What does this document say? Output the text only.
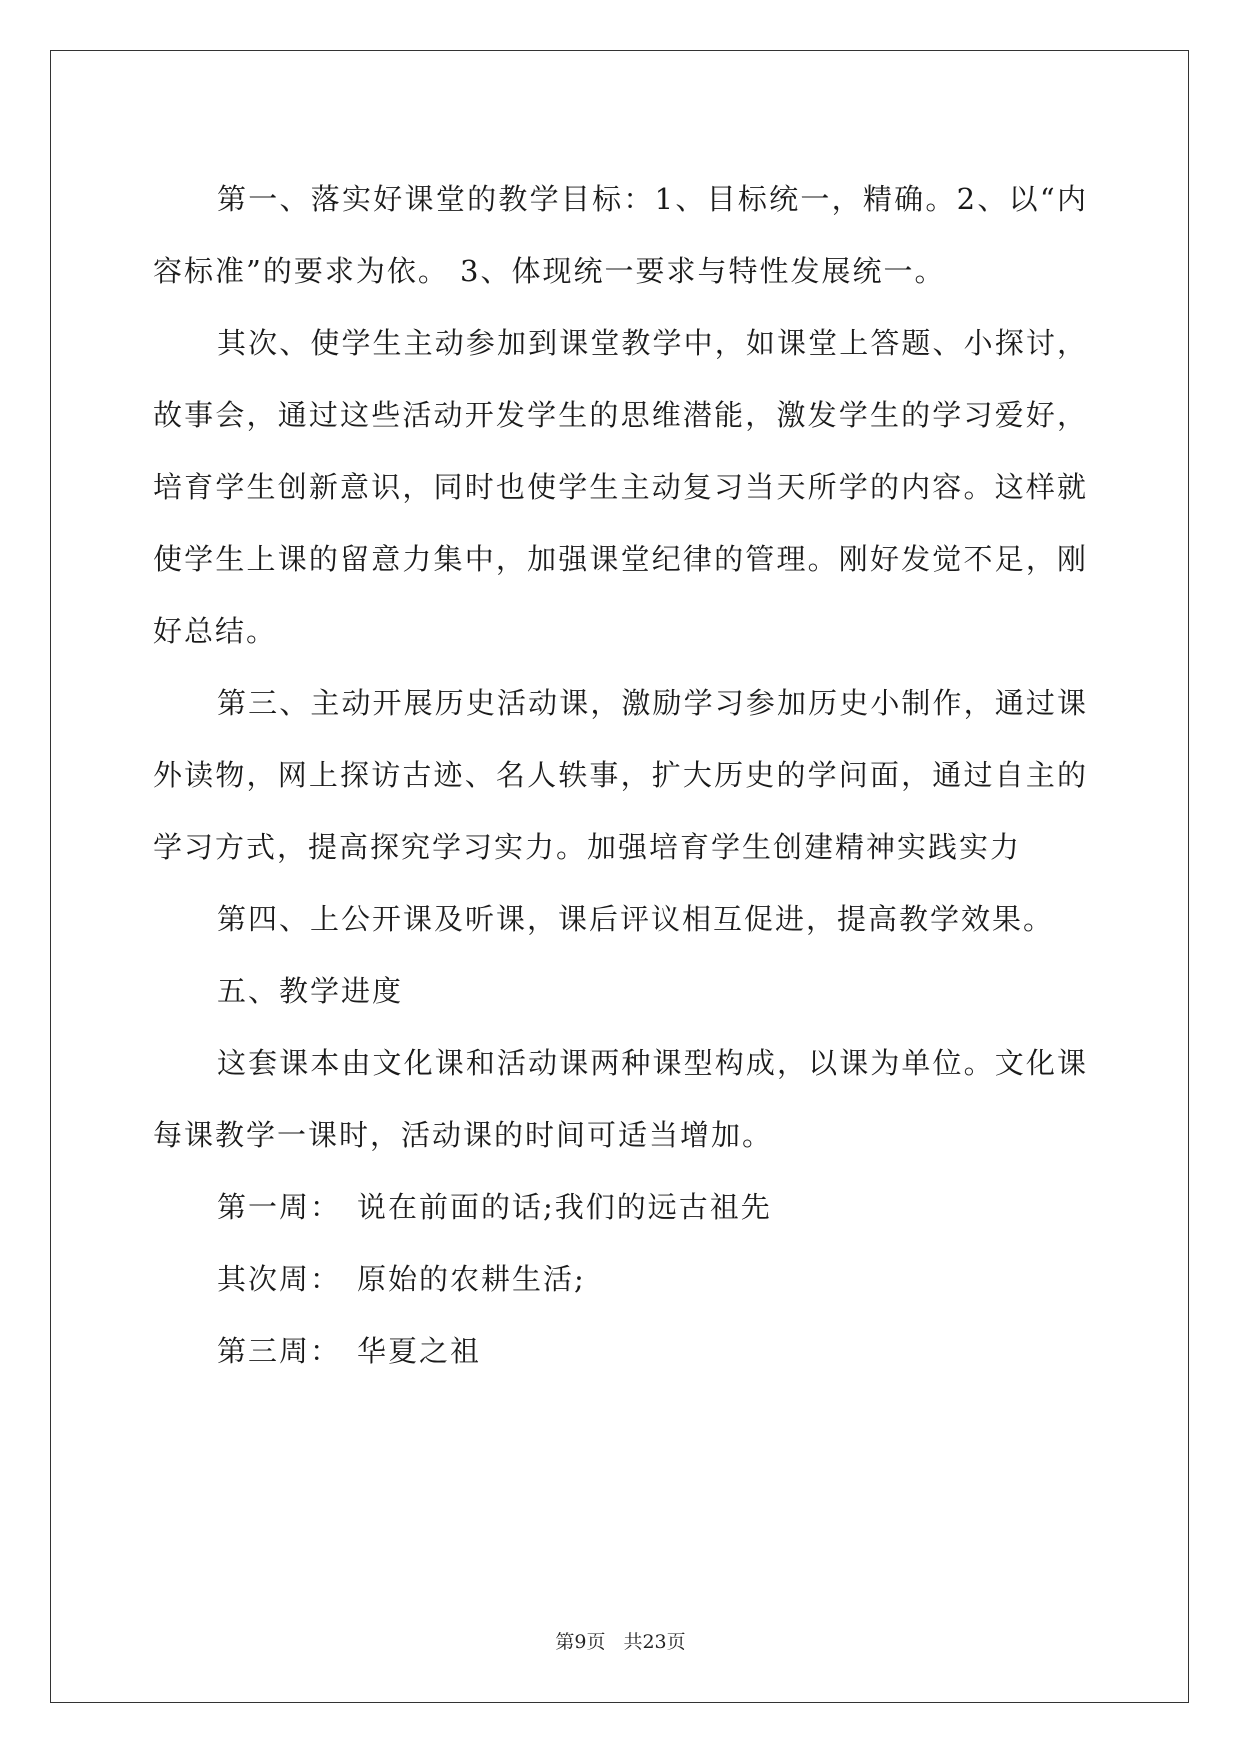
第一、落实好课堂的教学目标：1、目标统一，精确。2、以“内容标准”的要求为依。 3、体现统一要求与特性发展统一。

其次、使学生主动参加到课堂教学中，如课堂上答题、小探讨，故事会，通过这些活动开发学生的思维潜能，激发学生的学习爱好，培育学生创新意识，同时也使学生主动复习当天所学的内容。这样就使学生上课的留意力集中，加强课堂纪律的管理。刚好发觉不足，刚好总结。

第三、主动开展历史活动课，激励学习参加历史小制作，通过课外读物，网上探访古迹、名人轶事，扩大历史的学问面，通过自主的学习方式，提高探究学习实力。加强培育学生创建精神实践实力

第四、上公开课及听课，课后评议相互促进，提高教学效果。

五、教学进度

这套课本由文化课和活动课两种课型构成，以课为单位。文化课每课教学一课时，活动课的时间可适当增加。

第一周： 说在前面的话;我们的远古祖先

其次周： 原始的农耕生活;

第三周： 华夏之祖

第9页 共23页
